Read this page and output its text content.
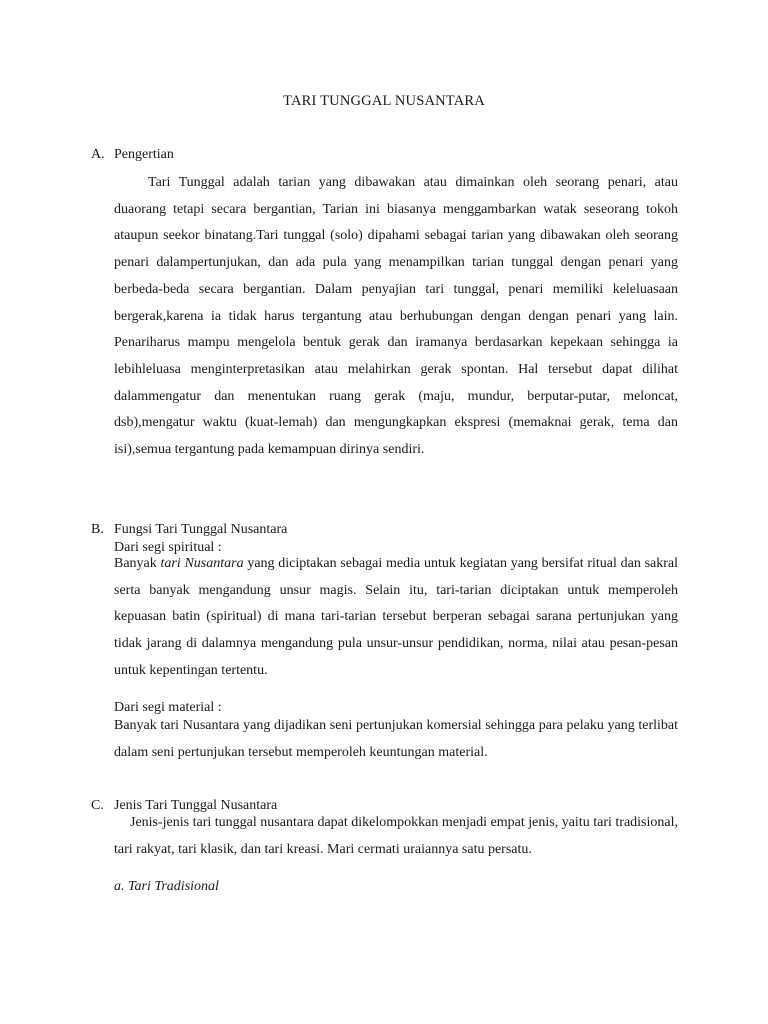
TARI TUNGGAL NUSANTARA
A. Pengertian

Tari Tunggal adalah tarian yang dibawakan atau dimainkan oleh seorang penari, atau duaorang tetapi secara bergantian, Tarian ini biasanya menggambarkan watak seseorang tokoh ataupun seekor binatang.Tari tunggal (solo) dipahami sebagai tarian yang dibawakan oleh seorang penari dalampertunjukan, dan ada pula yang menampilkan tarian tunggal dengan penari yang berbeda-beda secara bergantian. Dalam penyajian tari tunggal, penari memiliki keleluasaan bergerak,karena ia tidak harus tergantung atau berhubungan dengan dengan penari yang lain. Penariharus mampu mengelola bentuk gerak dan iramanya berdasarkan kepekaan sehingga ia lebihleluasa menginterpretasikan atau melahirkan gerak spontan. Hal tersebut dapat dilihat dalammengatur dan menentukan ruang gerak (maju, mundur, berputar-putar, meloncat, dsb),mengatur waktu (kuat-lemah) dan mengungkapkan ekspresi (memaknai gerak, tema dan isi),semua tergantung pada kemampuan dirinya sendiri.

B. Fungsi Tari Tunggal Nusantara
Dari segi spiritual :

Banyak tari Nusantara yang diciptakan sebagai media untuk kegiatan yang bersifat ritual dan sakral serta banyak mengandung unsur magis. Selain itu, tari-tarian diciptakan untuk memperoleh kepuasan batin (spiritual) di mana tari-tarian tersebut berperan sebagai sarana pertunjukan yang tidak jarang di dalamnya mengandung pula unsur-unsur pendidikan, norma, nilai atau pesan-pesan untuk kepentingan tertentu.

Dari segi material :

Banyak tari Nusantara yang dijadikan seni pertunjukan komersial sehingga para pelaku yang terlibat dalam seni pertunjukan tersebut memperoleh keuntungan material.

C. Jenis Tari Tunggal Nusantara

Jenis-jenis tari tunggal nusantara dapat dikelompokkan menjadi empat jenis, yaitu tari tradisional, tari rakyat, tari klasik, dan tari kreasi. Mari cermati uraiannya satu persatu.

a. Tari Tradisional
